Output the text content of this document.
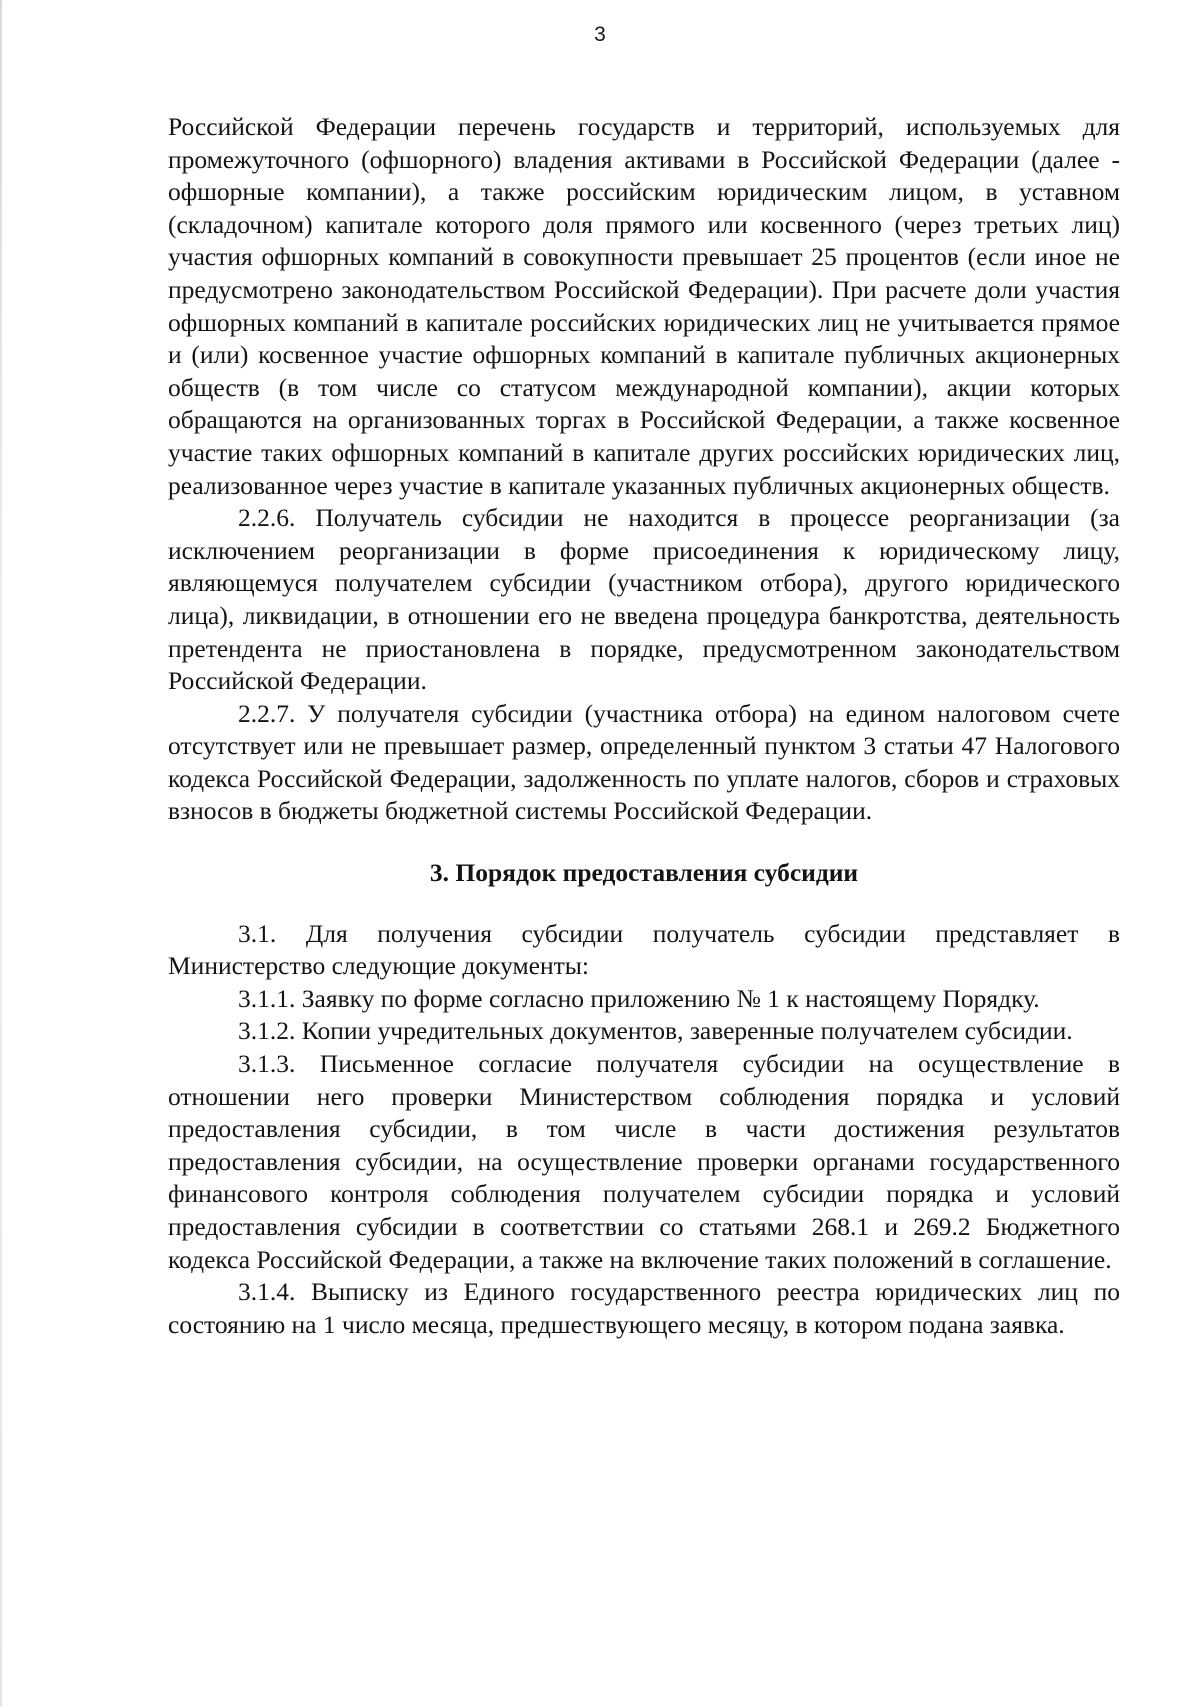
3

Российской Федерации перечень государств и территорий, используемых для промежуточного (офшорного) владения активами в Российской Федерации (далее - офшорные компании), а также российским юридическим лицом, в уставном (складочном) капитале которого доля прямого или косвенного (через третьих лиц) участия офшорных компаний в совокупности превышает 25 процентов (если иное не предусмотрено законодательством Российской Федерации). При расчете доли участия офшорных компаний в капитале российских юридических лиц не учитывается прямое и (или) косвенное участие офшорных компаний в капитале публичных акционерных обществ (в том числе со статусом международной компании), акции которых обращаются на организованных торгах в Российской Федерации, а также косвенное участие таких офшорных компаний в капитале других российских юридических лиц, реализованное через участие в капитале указанных публичных акционерных обществ.

2.2.6. Получатель субсидии не находится в процессе реорганизации (за исключением реорганизации в форме присоединения к юридическому лицу, являющемуся получателем субсидии (участником отбора), другого юридического лица), ликвидации, в отношении его не введена процедура банкротства, деятельность претендента не приостановлена в порядке, предусмотренном законодательством Российской Федерации.

2.2.7. У получателя субсидии (участника отбора) на едином налоговом счете отсутствует или не превышает размер, определенный пунктом 3 статьи 47 Налогового кодекса Российской Федерации, задолженность по уплате налогов, сборов и страховых взносов в бюджеты бюджетной системы Российской Федерации.

3. Порядок предоставления субсидии

3.1. Для получения субсидии получатель субсидии представляет в Министерство следующие документы:

3.1.1. Заявку по форме согласно приложению № 1 к настоящему Порядку.

3.1.2. Копии учредительных документов, заверенные получателем субсидии.

3.1.3. Письменное согласие получателя субсидии на осуществление в отношении него проверки Министерством соблюдения порядка и условий предоставления субсидии, в том числе в части достижения результатов предоставления субсидии, на осуществление проверки органами государственного финансового контроля соблюдения получателем субсидии порядка и условий предоставления субсидии в соответствии со статьями 268.1 и 269.2 Бюджетного кодекса Российской Федерации, а также на включение таких положений в соглашение.

3.1.4. Выписку из Единого государственного реестра юридических лиц по состоянию на 1 число месяца, предшествующего месяцу, в котором подана заявка.
